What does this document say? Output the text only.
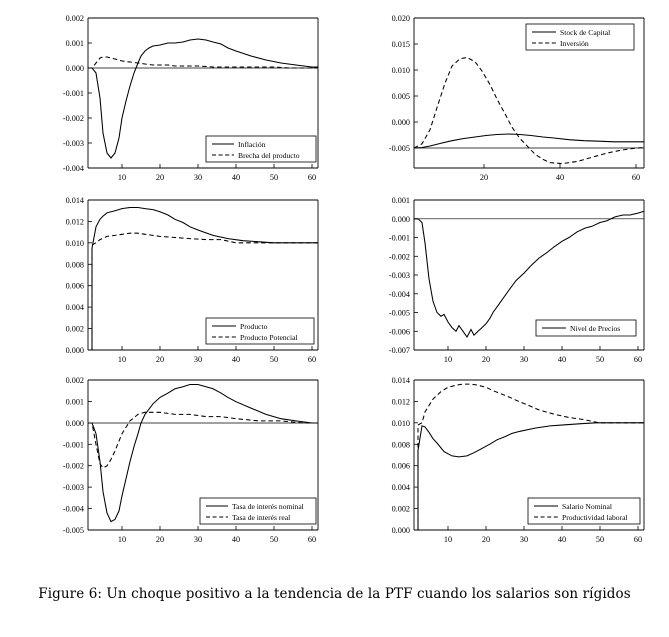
0.002
0.001
0.000
-0.001
-0.002
-0.003
-0.004
10	20	30	40	50	60
Inflación
Brecha del producto
0.020
0.015
0.010
0.005
0.000
-0.005
20	40	60
Stock de Capital
Inversión
0.014
0.012
0.010
0.008
0.006
0.004
0.002
0.000
10	20	30	40	50	60
Producto
Producto Potencial
0.001
0.000
-0.001
-0.002
-0.003
-0.004
-0.005
-0.006
-0.007
10	20	30	40	50	60
Nivel de Precios
0.002
0.001
0.000
-0.001
-0.002
-0.003
-0.004
-0.005
10	20	30	40	50	60
Tasa de interés nominal
Tasa de interés real
0.014
0.012
0.010
0.008
0.006
0.004
0.002
0.000
10	20	30	40	50	60
Salario Nominal
Productividad laboral
Figure 6: Un choque positivo a la tendencia de la PTF cuando los salarios son rígidos
